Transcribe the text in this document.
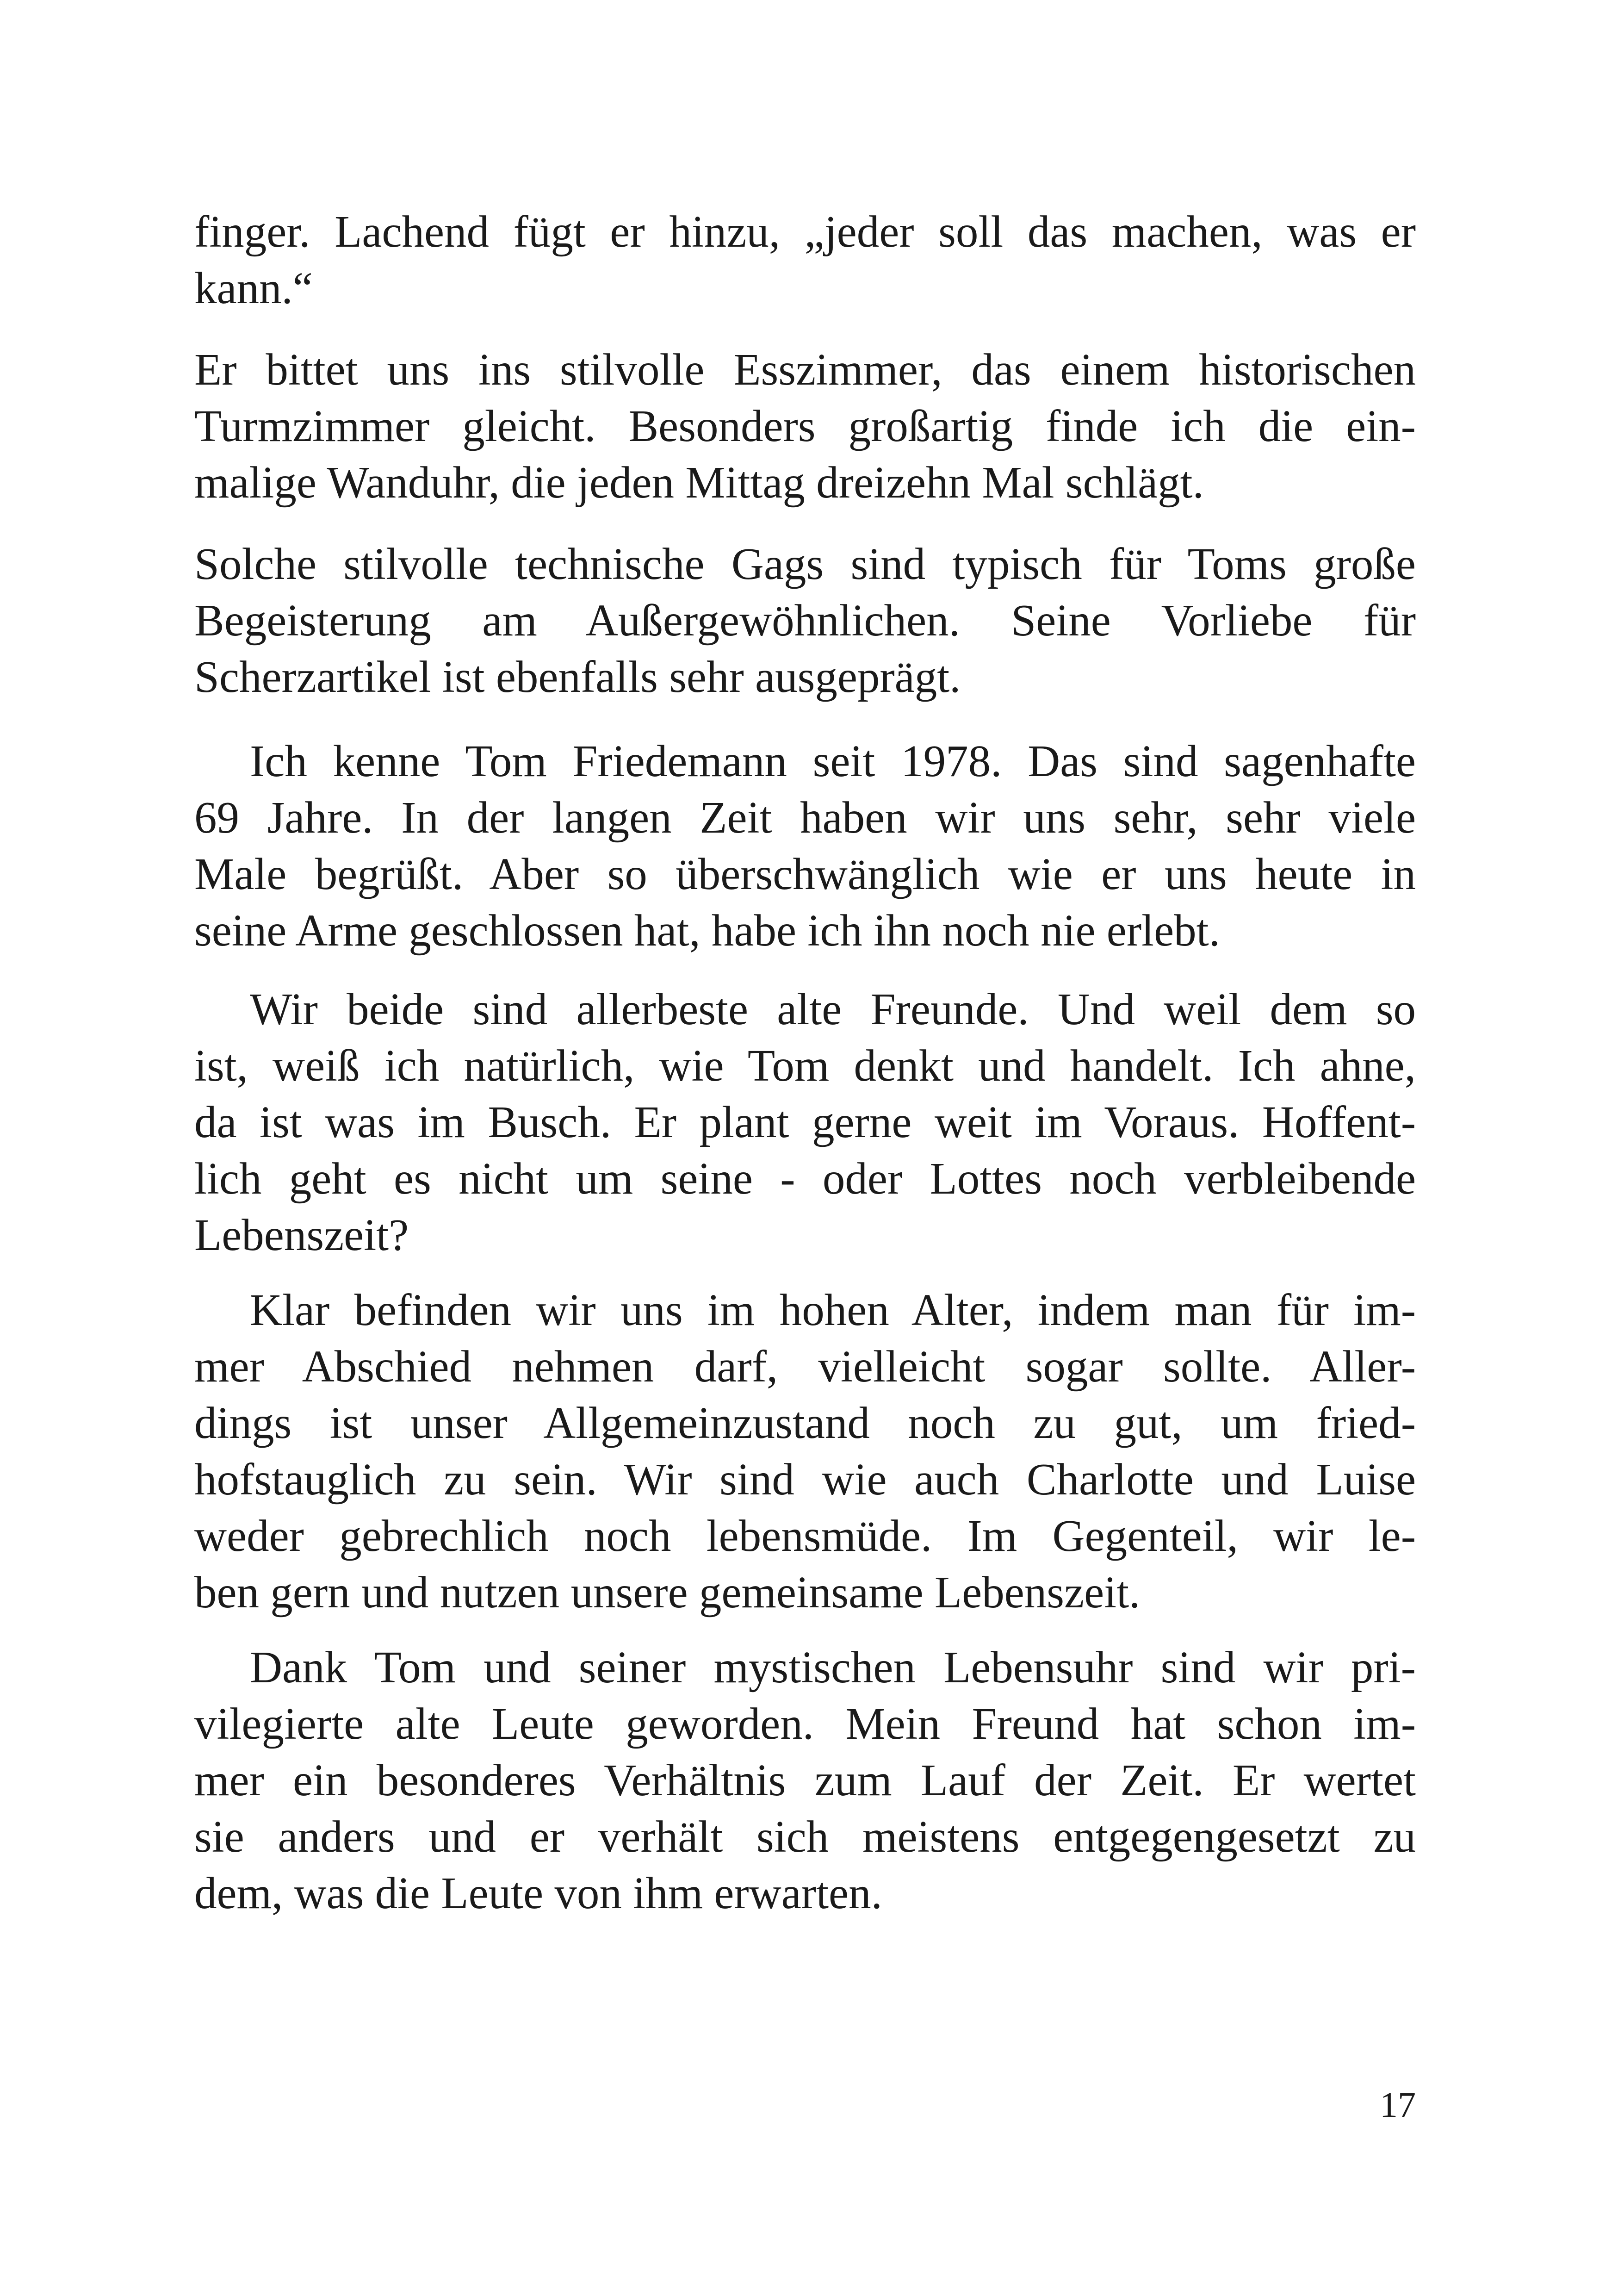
finger. Lachend fügt er hinzu, „jeder soll das machen, was er
kann.“
Er bittet uns ins stilvolle Esszimmer, das einem historischen
Turmzimmer gleicht. Besonders großartig finde ich die ein-
malige Wanduhr, die jeden Mittag dreizehn Mal schlägt.
Solche stilvolle technische Gags sind typisch für Toms große
Begeisterung am Außergewöhnlichen. Seine Vorliebe für
Scherzartikel ist ebenfalls sehr ausgeprägt.
Ich kenne Tom Friedemann seit 1978. Das sind sagenhafte
69 Jahre. In der langen Zeit haben wir uns sehr, sehr viele
Male begrüßt. Aber so überschwänglich wie er uns heute in
seine Arme geschlossen hat, habe ich ihn noch nie erlebt.
Wir beide sind allerbeste alte Freunde. Und weil dem so
ist, weiß ich natürlich, wie Tom denkt und handelt. Ich ahne,
da ist was im Busch. Er plant gerne weit im Voraus. Hoffent-
lich geht es nicht um seine - oder Lottes noch verbleibende
Lebenszeit?
Klar befinden wir uns im hohen Alter, indem man für im-
mer Abschied nehmen darf, vielleicht sogar sollte. Aller-
dings ist unser Allgemeinzustand noch zu gut, um fried-
hofstauglich zu sein. Wir sind wie auch Charlotte und Luise
weder gebrechlich noch lebensmüde. Im Gegenteil, wir le-
ben gern und nutzen unsere gemeinsame Lebenszeit.
Dank Tom und seiner mystischen Lebensuhr sind wir pri-
vilegierte alte Leute geworden. Mein Freund hat schon im-
mer ein besonderes Verhältnis zum Lauf der Zeit. Er wertet
sie anders und er verhält sich meistens entgegengesetzt zu
dem, was die Leute von ihm erwarten.
17
